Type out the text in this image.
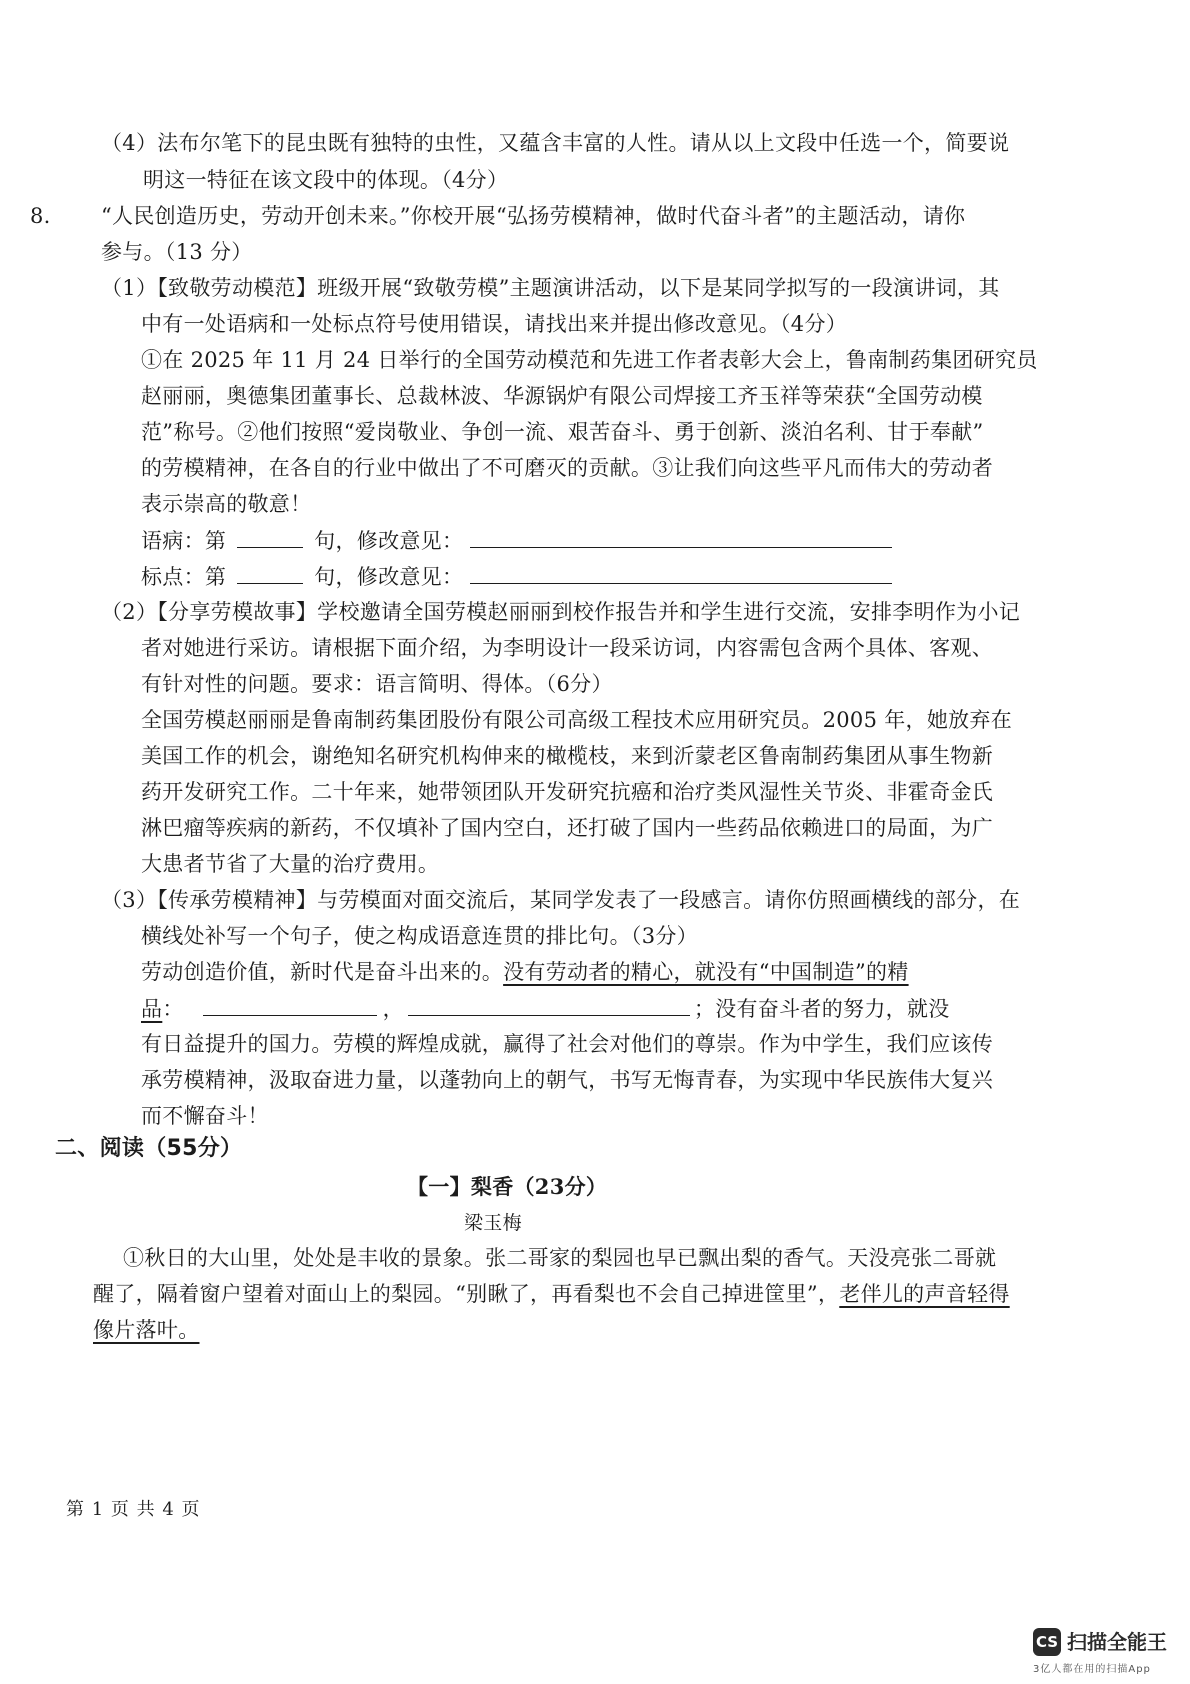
（4）法布尔笔下的昆虫既有独特的虫性，又蕴含丰富的人性。请从以上文段中任选一个，简要说
明这一特征在该文段中的体现。（4分）
8. “人民创造历史，劳动开创未来。”你校开展“弘扬劳模精神，做时代奋斗者”的主题活动，请你
参与。（13 分）
（1）【致敬劳动模范】班级开展“致敬劳模”主题演讲活动，以下是某同学拟写的一段演讲词，其
中有一处语病和一处标点符号使用错误，请找出来并提出修改意见。（4分）
①在 2025 年 11 月 24 日举行的全国劳动模范和先进工作者表彰大会上，鲁南制药集团研究员
赵丽丽，奥德集团董事长、总裁林波、华源锅炉有限公司焊接工齐玉祥等荣获“全国劳动模
范”称号。②他们按照“爱岗敬业、争创一流、艰苦奋斗、勇于创新、淡泊名利、甘于奉献”
的劳模精神，在各自的行业中做出了不可磨灭的贡献。③让我们向这些平凡而伟大的劳动者
表示崇高的敬意！
语病：第	句，修改意见：
标点：第	句，修改意见：
（2）【分享劳模故事】学校邀请全国劳模赵丽丽到校作报告并和学生进行交流，安排李明作为小记
者对她进行采访。请根据下面介绍，为李明设计一段采访词，内容需包含两个具体、客观、
有针对性的问题。要求：语言简明、得体。（6分）
全国劳模赵丽丽是鲁南制药集团股份有限公司高级工程技术应用研究员。2005 年，她放弃在
美国工作的机会，谢绝知名研究机构伸来的橄榄枝，来到沂蒙老区鲁南制药集团从事生物新
药开发研究工作。二十年来，她带领团队开发研究抗癌和治疗类风湿性关节炎、非霍奇金氏
淋巴瘤等疾病的新药，不仅填补了国内空白，还打破了国内一些药品依赖进口的局面，为广
大患者节省了大量的治疗费用。
（3）【传承劳模精神】与劳模面对面交流后，某同学发表了一段感言。请你仿照画横线的部分，在
横线处补写一个句子，使之构成语意连贯的排比句。（3分）
劳动创造价值，新时代是奋斗出来的。没有劳动者的精心，就没有“中国制造”的精
品：	，	；没有奋斗者的努力，就没
有日益提升的国力。劳模的辉煌成就，赢得了社会对他们的尊崇。作为中学生，我们应该传
承劳模精神，汲取奋进力量，以蓬勃向上的朝气，书写无悔青春，为实现中华民族伟大复兴
而不懈奋斗！
二、阅读（55分）
【一】梨香（23分）
梁玉梅
①秋日的大山里，处处是丰收的景象。张二哥家的梨园也早已飘出梨的香气。天没亮张二哥就
醒了，隔着窗户望着对面山上的梨园。“别瞅了，再看梨也不会自己掉进筐里”，老伴儿的声音轻得
像片落叶。
第 1 页 共 4 页
CS 扫描全能王
3亿人都在用的扫描App
